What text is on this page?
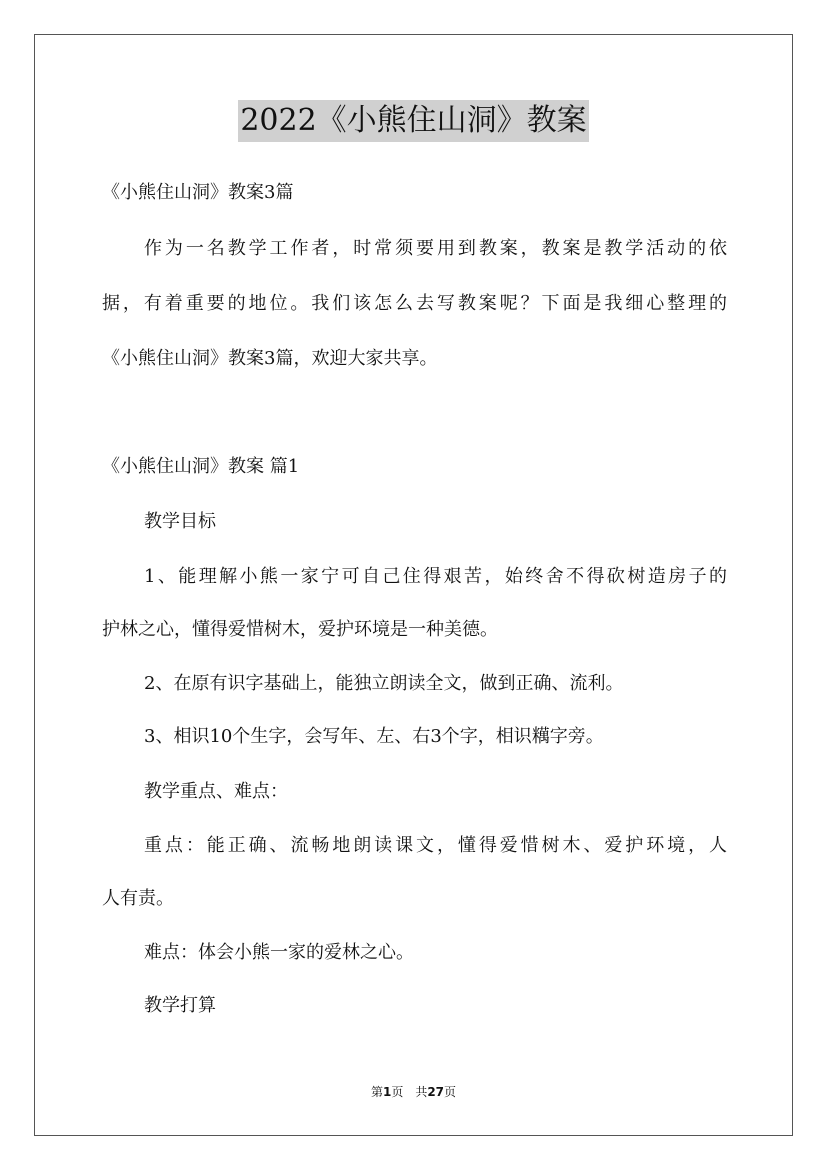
2022《小熊住山洞》教案
《小熊住山洞》教案3篇
作为一名教学工作者，时常须要用到教案，教案是教学活动的依
据，有着重要的地位。我们该怎么去写教案呢？下面是我细心整理的
《小熊住山洞》教案3篇，欢迎大家共享。
《小熊住山洞》教案 篇1
教学目标
1、能理解小熊一家宁可自己住得艰苦，始终舍不得砍树造房子的
护林之心，懂得爱惜树木，爱护环境是一种美德。
2、在原有识字基础上，能独立朗读全文，做到正确、流利。
3、相识10个生字，会写年、左、右3个字，相识䊪字旁。
教学重点、难点：
重点：能正确、流畅地朗读课文，懂得爱惜树木、爱护环境，人
人有责。
难点：体会小熊一家的爱林之心。
教学打算
第1页　共27页
